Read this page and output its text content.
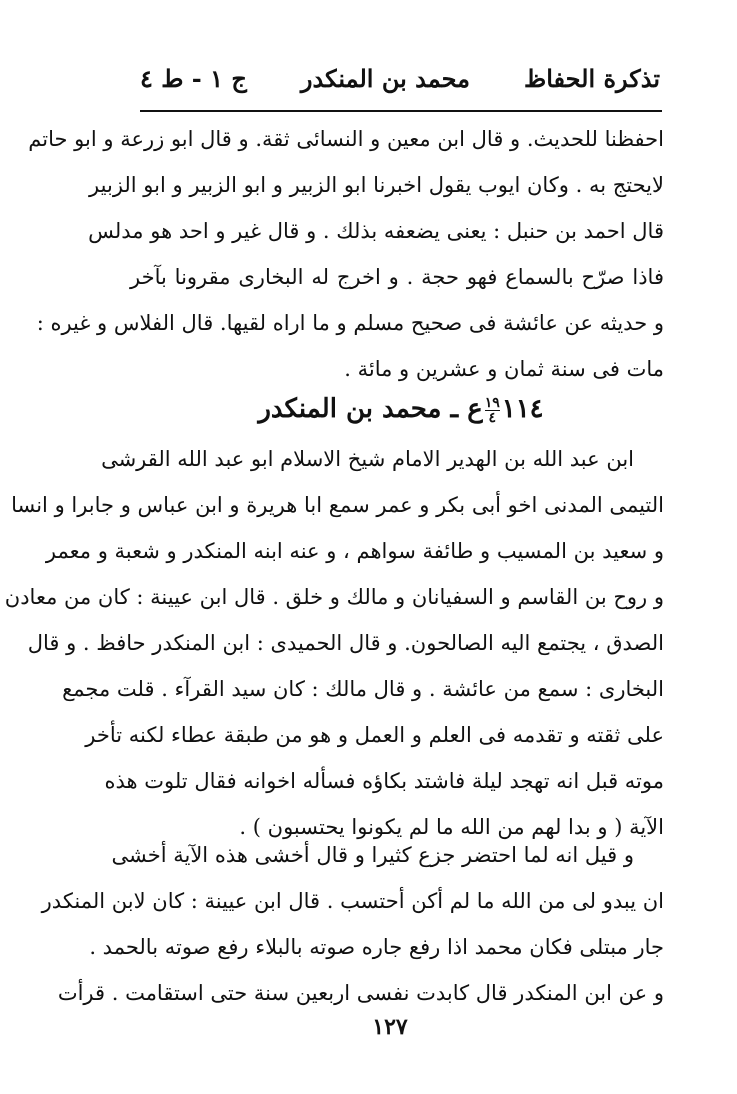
تذكرة الحفاظ
محمد بن المنكدر
ج ١ - ط ٤
احفظنا للحديث. و قال ابن معين و النسائى ثقة. و قال ابو زرعة و ابو حاتم
لايحتج به . وكان ايوب يقول اخبرنا ابو الزبير و ابو الزبير و ابو الزبير
قال احمد بن حنبل : يعنى يضعفه بذلك . و قال غير و احد هو مدلس
فاذا صرّح بالسماع فهو حجة . و اخرج له البخارى مقرونا بآخر
و حديثه عن عائشة فى صحيح مسلم و ما اراه لقيها. قال الفلاس و غيره :
مات فى سنة ثمان و عشرين و مائة .
١١٤
١٩
٤
ع ـ محمد بن المنكدر
ابن عبد الله بن الهدير الامام شيخ الاسلام ابو عبد الله القرشى
التيمى المدنى اخو أبى بكر و عمر سمع ابا هريرة و ابن عباس و جابرا و انسا
و سعيد بن المسيب و طائفة سواهم ، و عنه ابنه المنكدر و شعبة و معمر
و روح بن القاسم و السفيانان و مالك و خلق . قال ابن عيينة : كان من معادن
الصدق ، يجتمع اليه الصالحون. و قال الحميدى : ابن المنكدر حافظ . و قال
البخارى : سمع من عائشة . و قال مالك : كان سيد القرآء . قلت مجمع
على ثقته و تقدمه فى العلم و العمل و هو من طبقة عطاء لكنه تأخر
موته قبل انه تهجد ليلة فاشتد بكاؤه فسأله اخوانه فقال تلوت هذه
الآية ( و بدا لهم من الله ما لم يكونوا يحتسبون ) .
و قيل انه لما احتضر جزع كثيرا و قال أخشى هذه الآية أخشى
ان يبدو لى من الله ما لم أكن أحتسب . قال ابن عيينة : كان لابن المنكدر
جار مبتلى فكان محمد اذا رفع جاره صوته بالبلاء رفع صوته بالحمد .
و عن ابن المنكدر قال كابدت نفسى اربعين سنة حتى استقامت . قرأت
١٢٧
